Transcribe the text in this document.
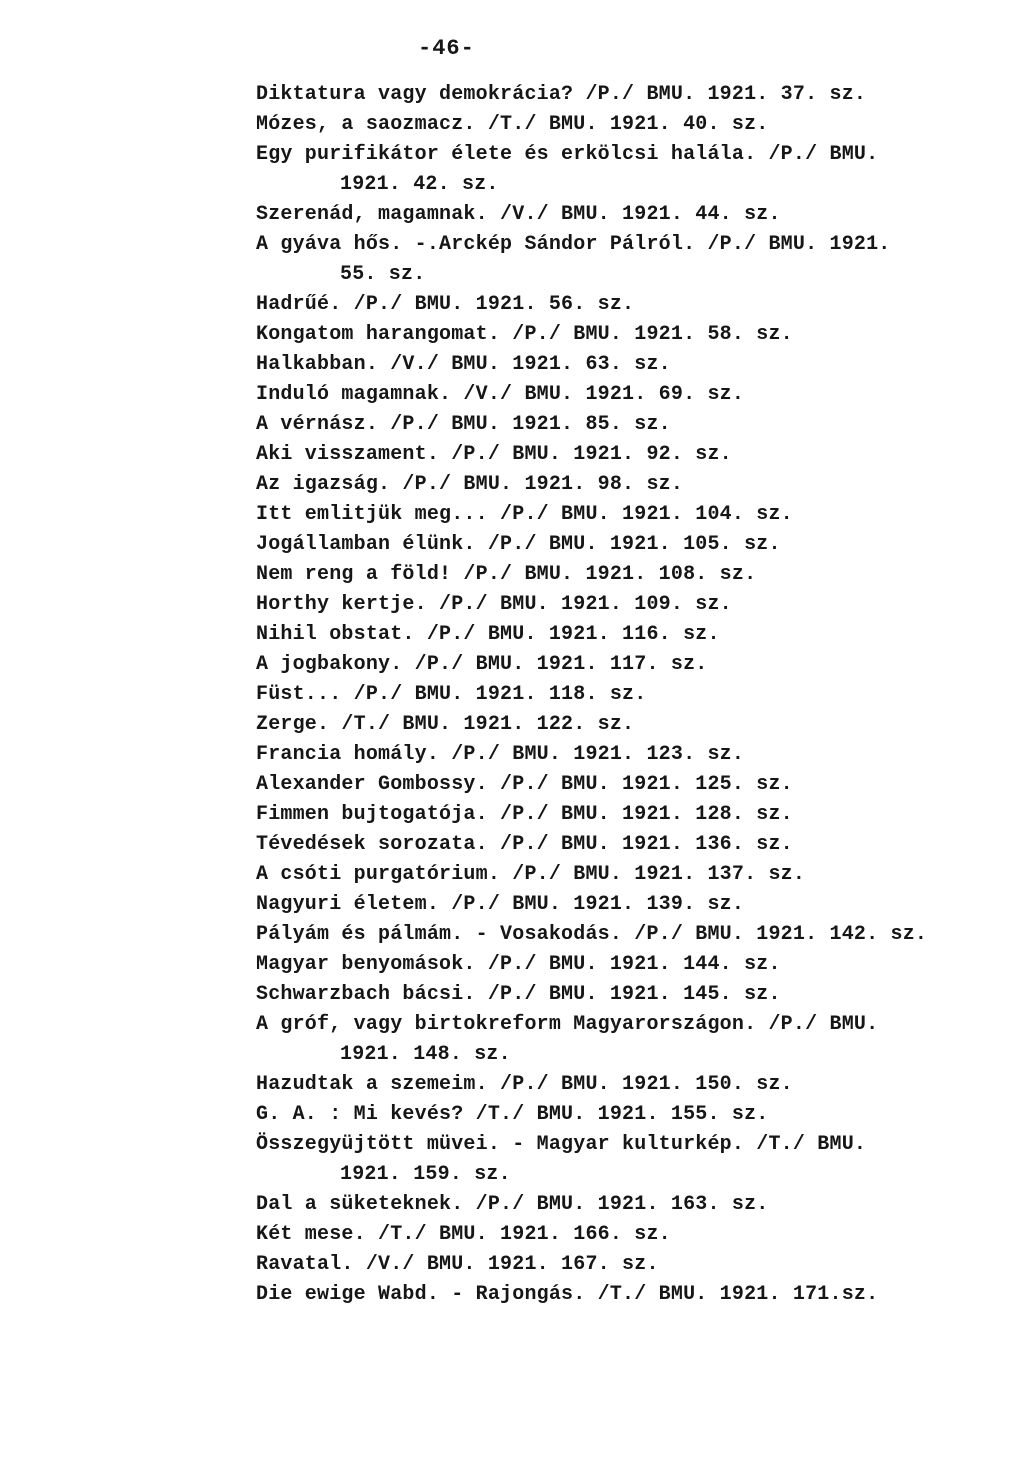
-46-
Diktatura vagy demokrácia? /P./ BMU. 1921. 37. sz.
Mózes, a saozmacz. /T./ BMU. 1921. 40. sz.
Egy purifikátor élete és erkölcsi halála. /P./ BMU.
1921. 42. sz.
Szerenád, magamnak. /V./ BMU. 1921. 44. sz.
A gyáva hős. -.Arckép Sándor Pálról. /P./ BMU. 1921.
55. sz.
Hadrűé. /P./ BMU. 1921. 56. sz.
Kongatom harangomat. /P./ BMU. 1921. 58. sz.
Halkabban. /V./ BMU. 1921. 63. sz.
Induló magamnak. /V./ BMU. 1921. 69. sz.
A vérnász. /P./ BMU. 1921. 85. sz.
Aki visszament. /P./ BMU. 1921. 92. sz.
Az igazság. /P./ BMU. 1921. 98. sz.
Itt emlitjük meg... /P./ BMU. 1921. 104. sz.
Jogállamban élünk. /P./ BMU. 1921. 105. sz.
Nem reng a föld! /P./ BMU. 1921. 108. sz.
Horthy kertje. /P./ BMU. 1921. 109. sz.
Nihil obstat. /P./ BMU. 1921. 116. sz.
A jogbakony. /P./ BMU. 1921. 117. sz.
Füst... /P./ BMU. 1921. 118. sz.
Zerge. /T./ BMU. 1921. 122. sz.
Francia homály. /P./ BMU. 1921. 123. sz.
Alexander Gombossy. /P./ BMU. 1921. 125. sz.
Fimmen bujtogatója. /P./ BMU. 1921. 128. sz.
Tévedések sorozata. /P./ BMU. 1921. 136. sz.
A csóti purgatórium. /P./ BMU. 1921. 137. sz.
Nagyuri életem. /P./ BMU. 1921. 139. sz.
Pályám és pálmám. - Vosakodás. /P./ BMU. 1921. 142. sz.
Magyar benyomások. /P./ BMU. 1921. 144. sz.
Schwarzbach bácsi. /P./ BMU. 1921. 145. sz.
A gróf, vagy birtokreform Magyarországon. /P./ BMU.
1921. 148. sz.
Hazudtak a szemeim. /P./ BMU. 1921. 150. sz.
G. A. : Mi kevés? /T./ BMU. 1921. 155. sz.
Összegyüjtött müvei. - Magyar kulturkép. /T./ BMU.
1921. 159. sz.
Dal a süketeknek. /P./ BMU. 1921. 163. sz.
Két mese. /T./ BMU. 1921. 166. sz.
Ravatal. /V./ BMU. 1921. 167. sz.
Die ewige Wabd. - Rajongás. /T./ BMU. 1921. 171.sz.
